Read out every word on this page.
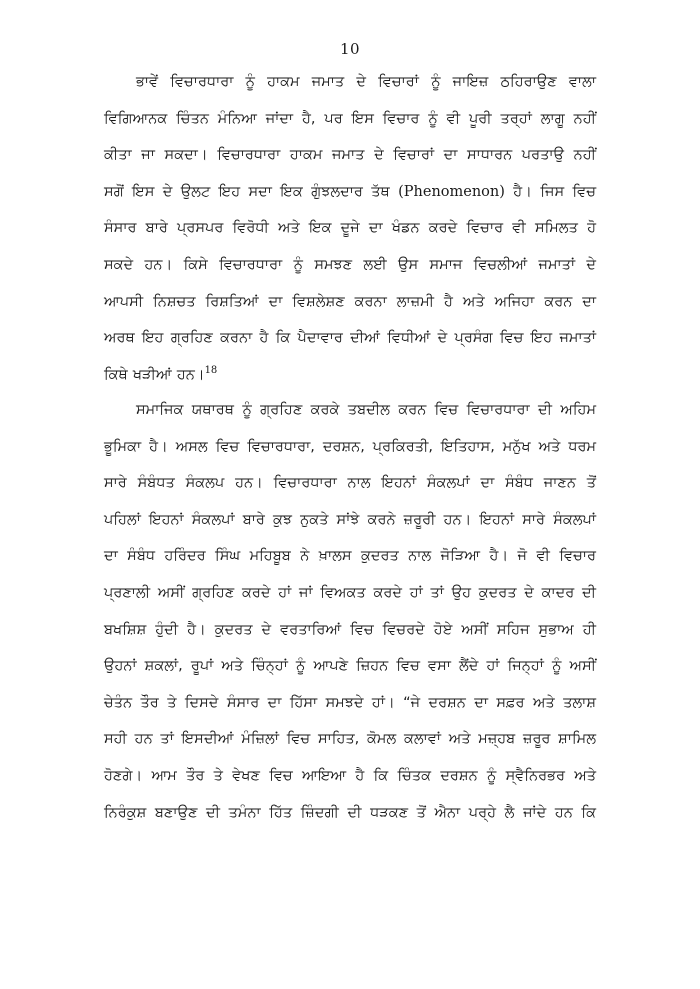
10
ਭਾਵੇਂ ਵਿਚਾਰਧਾਰਾ ਨੂੰ ਹਾਕਮ ਜਮਾਤ ਦੇ ਵਿਚਾਰਾਂ ਨੂੰ ਜਾਇਜ਼ ਠਹਿਰਾਉਣ ਵਾਲਾ
ਵਿਗਿਆਨਕ ਚਿੰਤਨ ਮੰਨਿਆ ਜਾਂਦਾ ਹੈ, ਪਰ ਇਸ ਵਿਚਾਰ ਨੂੰ ਵੀ ਪੂਰੀ ਤਰ੍ਹਾਂ ਲਾਗੂ ਨਹੀਂ
ਕੀਤਾ ਜਾ ਸਕਦਾ। ਵਿਚਾਰਧਾਰਾ ਹਾਕਮ ਜਮਾਤ ਦੇ ਵਿਚਾਰਾਂ ਦਾ ਸਾਧਾਰਨ ਪਰਤਾਉ ਨਹੀਂ
ਸਗੋਂ ਇਸ ਦੇ ਉਲਟ ਇਹ ਸਦਾ ਇਕ ਗੁੰਝਲਦਾਰ ਤੱਥ (Phenomenon) ਹੈ। ਜਿਸ ਵਿਚ
ਸੰਸਾਰ ਬਾਰੇ ਪ੍ਰਸਪਰ ਵਿਰੋਧੀ ਅਤੇ ਇਕ ਦੂਜੇ ਦਾ ਖੰਡਨ ਕਰਦੇ ਵਿਚਾਰ ਵੀ ਸਮਿਲਤ ਹੋ
ਸਕਦੇ ਹਨ। ਕਿਸੇ ਵਿਚਾਰਧਾਰਾ ਨੂੰ ਸਮਝਣ ਲਈ ਉਸ ਸਮਾਜ ਵਿਚਲੀਆਂ ਜਮਾਤਾਂ ਦੇ
ਆਪਸੀ ਨਿਸ਼ਚਤ ਰਿਸ਼ਤਿਆਂ ਦਾ ਵਿਸ਼ਲੇਸ਼ਣ ਕਰਨਾ ਲਾਜ਼ਮੀ ਹੈ ਅਤੇ ਅਜਿਹਾ ਕਰਨ ਦਾ
ਅਰਥ ਇਹ ਗ੍ਰਹਿਣ ਕਰਨਾ ਹੈ ਕਿ ਪੈਦਾਵਾਰ ਦੀਆਂ ਵਿਧੀਆਂ ਦੇ ਪ੍ਰਸੰਗ ਵਿਚ ਇਹ ਜਮਾਤਾਂ
ਕਿਥੇ ਖੜੀਆਂ ਹਨ।$^{18}$
ਸਮਾਜਿਕ ਯਥਾਰਥ ਨੂੰ ਗ੍ਰਹਿਣ ਕਰਕੇ ਤਬਦੀਲ ਕਰਨ ਵਿਚ ਵਿਚਾਰਧਾਰਾ ਦੀ ਅਹਿਮ
ਭੂਮਿਕਾ ਹੈ। ਅਸਲ ਵਿਚ ਵਿਚਾਰਧਾਰਾ, ਦਰਸ਼ਨ, ਪ੍ਰਕਿਰਤੀ, ਇਤਿਹਾਸ, ਮਨੁੱਖ ਅਤੇ ਧਰਮ
ਸਾਰੇ ਸੰਬੰਧਤ ਸੰਕਲਪ ਹਨ। ਵਿਚਾਰਧਾਰਾ ਨਾਲ ਇਹਨਾਂ ਸੰਕਲਪਾਂ ਦਾ ਸੰਬੰਧ ਜਾਣਨ ਤੋਂ
ਪਹਿਲਾਂ ਇਹਨਾਂ ਸੰਕਲਪਾਂ ਬਾਰੇ ਕੁਝ ਨੁਕਤੇ ਸਾਂਝੇ ਕਰਨੇ ਜ਼ਰੂਰੀ ਹਨ। ਇਹਨਾਂ ਸਾਰੇ ਸੰਕਲਪਾਂ
ਦਾ ਸੰਬੰਧ ਹਰਿੰਦਰ ਸਿੰਘ ਮਹਿਬੂਬ ਨੇ ਖ਼ਾਲਸ ਕੁਦਰਤ ਨਾਲ ਜੋੜਿਆ ਹੈ। ਜੋ ਵੀ ਵਿਚਾਰ
ਪ੍ਰਣਾਲੀ ਅਸੀਂ ਗ੍ਰਹਿਣ ਕਰਦੇ ਹਾਂ ਜਾਂ ਵਿਅਕਤ ਕਰਦੇ ਹਾਂ ਤਾਂ ਉਹ ਕੁਦਰਤ ਦੇ ਕਾਦਰ ਦੀ
ਬਖਸ਼ਿਸ਼ ਹੁੰਦੀ ਹੈ। ਕੁਦਰਤ ਦੇ ਵਰਤਾਰਿਆਂ ਵਿਚ ਵਿਚਰਦੇ ਹੋਏ ਅਸੀਂ ਸਹਿਜ ਸੁਭਾਅ ਹੀ
ਉਹਨਾਂ ਸ਼ਕਲਾਂ, ਰੂਪਾਂ ਅਤੇ ਚਿੰਨ੍ਹਾਂ ਨੂੰ ਆਪਣੇ ਜ਼ਿਹਨ ਵਿਚ ਵਸਾ ਲੈਂਦੇ ਹਾਂ ਜਿਨ੍ਹਾਂ ਨੂੰ ਅਸੀਂ
ਚੇਤੰਨ ਤੌਰ ਤੇ ਦਿਸਦੇ ਸੰਸਾਰ ਦਾ ਹਿੱਸਾ ਸਮਝਦੇ ਹਾਂ। “ਜੇ ਦਰਸ਼ਨ ਦਾ ਸਫ਼ਰ ਅਤੇ ਤਲਾਸ਼
ਸਹੀ ਹਨ ਤਾਂ ਇਸਦੀਆਂ ਮੰਜ਼ਿਲਾਂ ਵਿਚ ਸਾਹਿਤ, ਕੋਮਲ ਕਲਾਵਾਂ ਅਤੇ ਮਜ਼੍ਹਬ ਜ਼ਰੂਰ ਸ਼ਾਮਿਲ
ਹੋਣਗੇ। ਆਮ ਤੌਰ ਤੇ ਵੇਖਣ ਵਿਚ ਆਇਆ ਹੈ ਕਿ ਚਿੰਤਕ ਦਰਸ਼ਨ ਨੂੰ ਸ੍ਵੈਨਿਰਭਰ ਅਤੇ
ਨਿਰੰਕੁਸ਼ ਬਣਾਉਣ ਦੀ ਤਮੰਨਾ ਹਿੱਤ ਜ਼ਿੰਦਗੀ ਦੀ ਧੜਕਣ ਤੋਂ ਐਨਾ ਪਰ੍ਹੇ ਲੈ ਜਾਂਦੇ ਹਨ ਕਿ
